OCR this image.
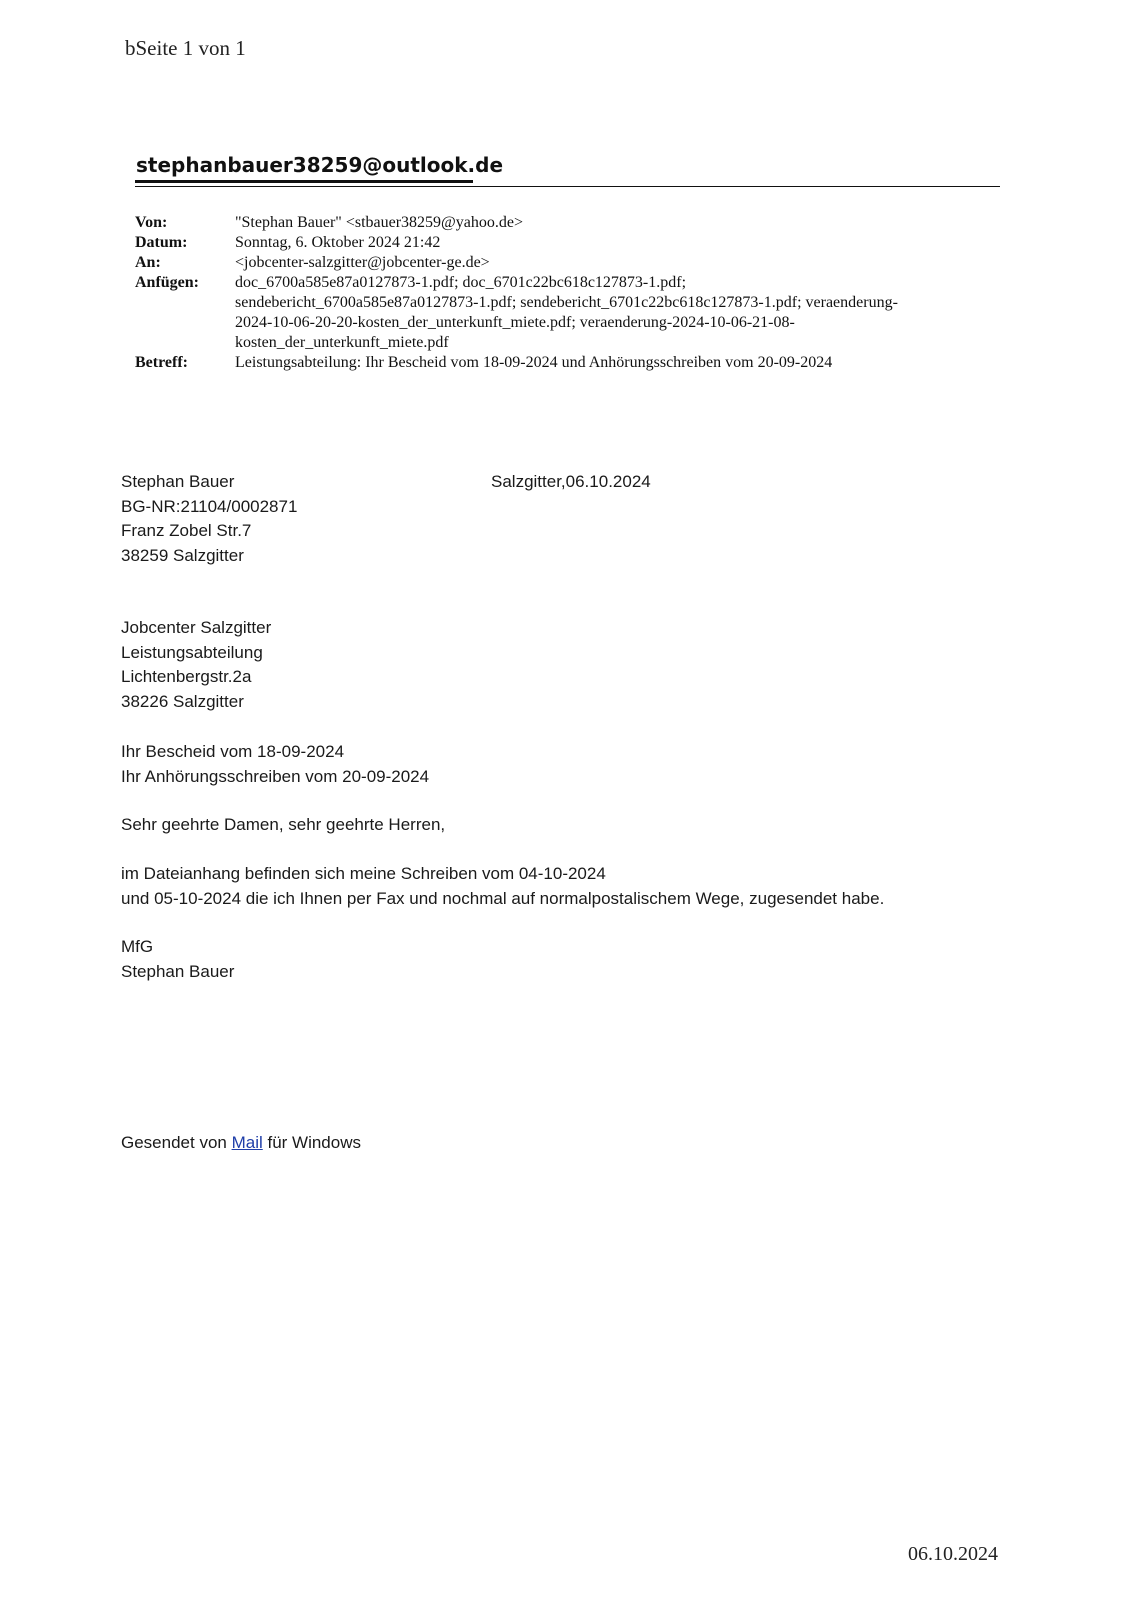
bSeite 1 von 1
stephanbauer38259@outlook.de
Von:	"Stephan Bauer" <stbauer38259@yahoo.de>
Datum:	Sonntag, 6. Oktober 2024 21:42
An:	<jobcenter-salzgitter@jobcenter-ge.de>
Anfügen:	doc_6700a585e87a0127873-1.pdf; doc_6701c22bc618c127873-1.pdf;
sendebericht_6700a585e87a0127873-1.pdf; sendebericht_6701c22bc618c127873-1.pdf; veraenderung-
2024-10-06-20-20-kosten_der_unterkunft_miete.pdf; veraenderung-2024-10-06-21-08-
kosten_der_unterkunft_miete.pdf
Betreff:	Leistungsabteilung: Ihr Bescheid vom 18-09-2024 und Anhörungsschreiben vom 20-09-2024
Stephan Bauer
BG-NR:21104/0002871
Franz Zobel Str.7
38259 Salzgitter
Salzgitter,06.10.2024
Jobcenter Salzgitter
Leistungsabteilung
Lichtenbergstr.2a
38226 Salzgitter
Ihr Bescheid vom 18-09-2024
Ihr Anhörungsschreiben vom 20-09-2024
Sehr geehrte Damen, sehr geehrte Herren,
im Dateianhang befinden sich meine Schreiben vom 04-10-2024
und 05-10-2024 die ich Ihnen per Fax und nochmal auf normalpostalischem Wege, zugesendet habe.
MfG
Stephan Bauer
Gesendet von Mail für Windows
06.10.2024
